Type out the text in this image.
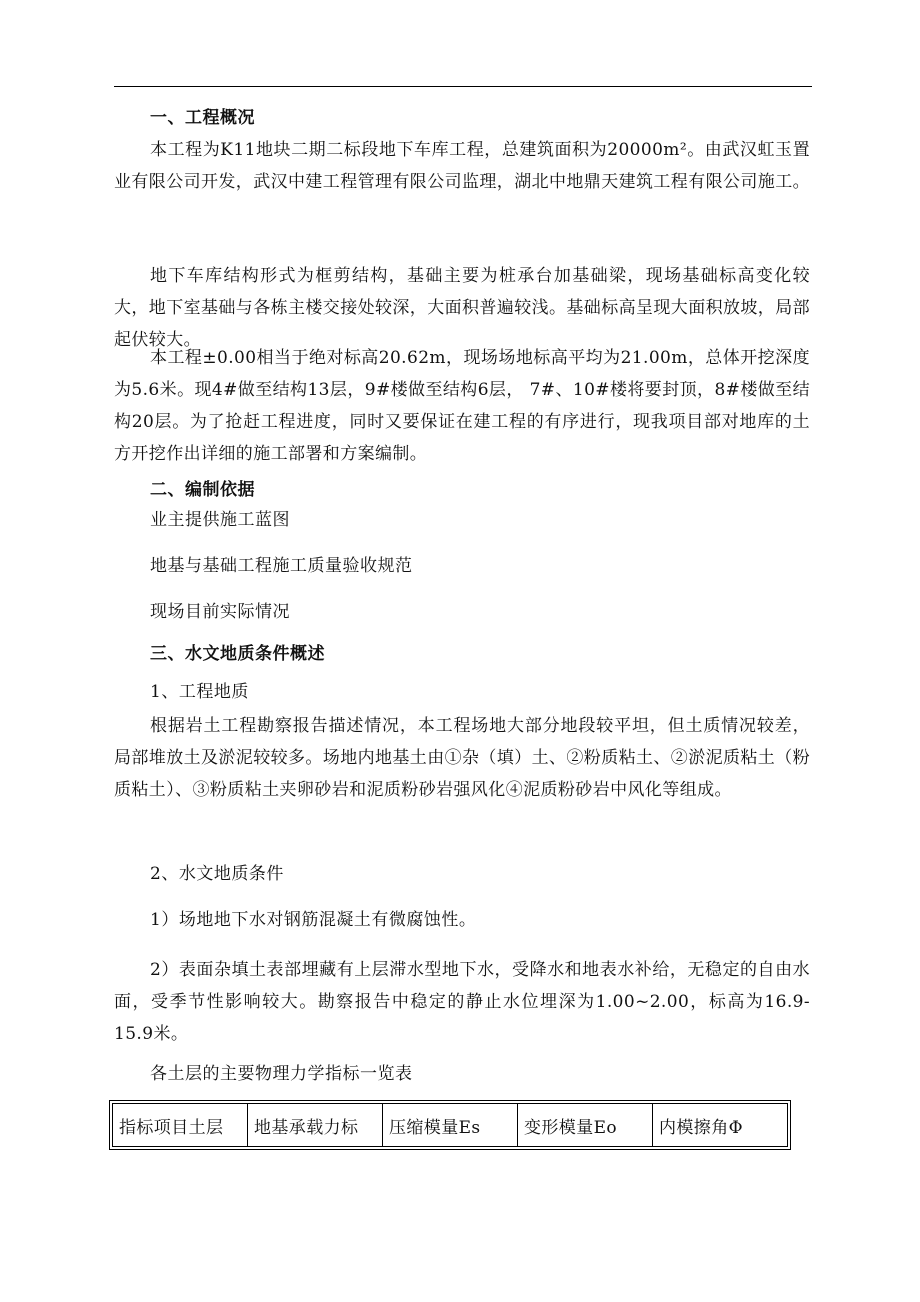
一、工程概况

本工程为K11地块二期二标段地下车库工程，总建筑面积为20000m²。由武汉虹玉置业有限公司开发，武汉中建工程管理有限公司监理，湖北中地鼎天建筑工程有限公司施工。

地下车库结构形式为框剪结构，基础主要为桩承台加基础梁，现场基础标高变化较大，地下室基础与各栋主楼交接处较深，大面积普遍较浅。基础标高呈现大面积放坡，局部起伏较大。

本工程±0.00相当于绝对标高20.62m，现场场地标高平均为21.00m，总体开挖深度为5.6米。现4#做至结构13层，9#楼做至结构6层， 7#、10#楼将要封顶，8#楼做至结构20层。为了抢赶工程进度，同时又要保证在建工程的有序进行，现我项目部对地库的土方开挖作出详细的施工部署和方案编制。

二、编制依据
业主提供施工蓝图
地基与基础工程施工质量验收规范
现场目前实际情况
三、水文地质条件概述
1、工程地质

根据岩土工程勘察报告描述情况，本工程场地大部分地段较平坦，但土质情况较差，局部堆放土及淤泥较较多。场地内地基土由①杂（填）土、②粉质粘土、②淤泥质粘土（粉质粘土）、③粉质粘土夹卵砂岩和泥质粉砂岩强风化④泥质粉砂岩中风化等组成。

2、水文地质条件
1）场地地下水对钢筋混凝土有微腐蚀性。

2）表面杂填土表部埋藏有上层滞水型地下水，受降水和地表水补给，无稳定的自由水面，受季节性影响较大。勘察报告中稳定的静止水位埋深为1.00~2.00，标高为16.9-15.9米。

各土层的主要物理力学指标一览表
指标项目土层	地基承载力标	压缩模量Es	变形模量Eo	内模擦角Φ
